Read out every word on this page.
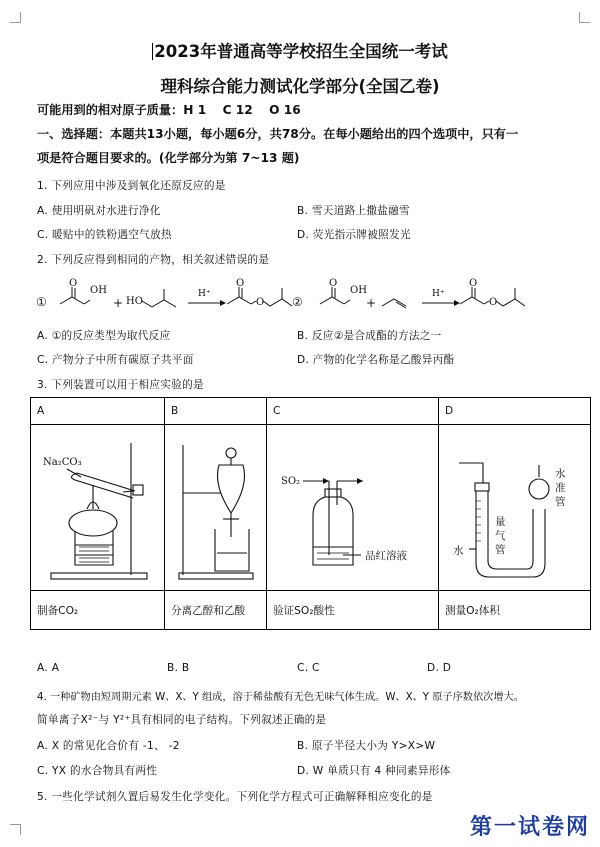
2023年普通高等学校招生全国统一考试
理科综合能力测试化学部分(全国乙卷)
可能用到的相对原子质量：H 1　 C 12 　O 16
一、选择题：本题共13小题，每小题6分，共78分。在每小题给出的四个选项中，只有一
项是符合题目要求的。(化学部分为第 7~13 题)
1. 下列应用中涉及到氧化还原反应的是
A. 使用明矾对水进行净化	B. 雪天道路上撒盐融雪
C. 暖贴中的铁粉遇空气放热	D. 荧光指示牌被照发光
2. 下列反应得到相同的产物，相关叙述错误的是
①
OH
O
+ HO
H⁺
O
O ②
OH
O
+
H⁺
O
O
A. ①的反应类型为取代反应	B. 反应②是合成酯的方法之一
C. 产物分子中所有碳原子共平面	D. 产物的化学名称是乙酸异丙酯
3. 下列装置可以用于相应实验的是
A	B	C	D

Na₂CO₃		SO₂
品红溶液	水
量气管
水准管

制备CO₂	分离乙醇和乙酸	验证SO₂酸性	测量O₂体积
A. A	B. B	C. C	D. D
4. 一种矿物由短周期元素 W、X、Y 组成，溶于稀盐酸有无色无味气体生成。W、X、Y 原子序数依次增大。
简单离子X²⁻与 Y²⁺具有相同的电子结构。下列叙述正确的是
A. X 的常见化合价有 -1、 -2	B. 原子半径大小为 Y>X>W
C. YX 的水合物具有两性	D. W 单质只有 4 种同素异形体
5. 一些化学试剂久置后易发生化学变化。下列化学方程式可正确解释相应变化的是
第一试卷网
